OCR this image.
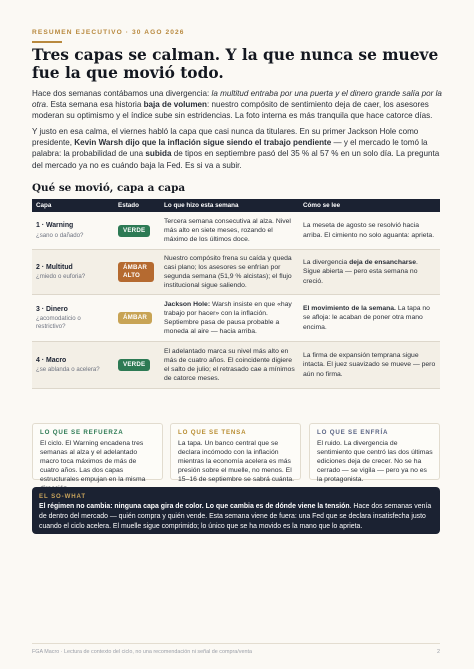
RESUMEN EJECUTIVO · 30 AGO 2026
Tres capas se calman. Y la que nunca se mueve fue la que movió todo.

Hace dos semanas contábamos una divergencia: la multitud entraba por una puerta y el dinero grande salía por la otra. Esta semana esa historia baja de volumen: nuestro compósito de sentimiento deja de caer, los asesores moderan su optimismo y el índice sube sin estridencias. La foto interna es más tranquila que hace catorce días.

Y justo en esa calma, el viernes habló la capa que casi nunca da titulares. En su primer Jackson Hole como presidente, Kevin Warsh dijo que la inflación sigue siendo el trabajo pendiente — y el mercado le tomó la palabra: la probabilidad de una subida de tipos en septiembre pasó del 35 % al 57 % en un solo día. La pregunta del mercado ya no es cuándo baja la Fed. Es si va a subir.

Qué se movió, capa a capa
Capa	Estado	Lo que hizo esta semana	Cómo se lee

1 · Warning
¿sano o dañado?	VERDE	Tercera semana consecutiva al alza. Nivel más alto en siete meses, rozando el máximo de los últimos doce.	La meseta de agosto se resolvió hacia arriba. El cimiento no solo aguanta: aprieta.

2 · Multitud
¿miedo o euforia?	ÁMBAR ALTO	Nuestro compósito frena su caída y queda casi plano; los asesores se enfrían por segunda semana (51,9 % alcistas); el flujo institucional sigue saliendo.	La divergencia deja de ensancharse. Sigue abierta — pero esta semana no creció.

3 · Dinero
¿acomodaticio o restrictivo?	ÁMBAR	Jackson Hole: Warsh insiste en que «hay trabajo por hacer» con la inflación. Septiembre pasa de pausa probable a moneda al aire — hacia arriba.	El movimiento de la semana. La tapa no se afloja: le acaban de poner otra mano encima.

4 · Macro
¿se ablanda o acelera?	VERDE	El adelantado marca su nivel más alto en más de cuatro años. El coincidente digiere el salto de julio; el retrasado cae a mínimos de catorce meses.	La firma de expansión temprana sigue intacta. El juez suavizado se mueve — pero aún no firma.
LO QUE SE REFUERZA
El ciclo. El Warning encadena tres semanas al alza y el adelantado macro toca máximos de más de cuatro años. Las dos capas estructurales empujan en la misma
LO QUE SE TENSA
La tapa. Un banco central que se declara incómodo con la inflación mientras la economía acelera es más presión sobre el muelle, no menos. El 15–16 de septiembre se sabrá cuánta.
LO QUE SE ENFRÍA
El ruido. La divergencia de sentimiento que centró las dos últimas ediciones deja de crecer. No se ha cerrado — se vigila — pero ya no es la protagonista.
EL SO-WHAT
El régimen no cambia: ninguna capa gira de color. Lo que cambia es de dónde viene la tensión. Hace dos semanas venía de dentro del mercado — quién compra y quién vende. Esta semana viene de fuera: una Fed que se declara insatisfecha justo cuando el ciclo acelera. El muelle sigue comprimido; lo único que se ha movido es la mano que lo aprieta.
FGA Macro · Lectura de contexto del ciclo, no una recomendación ni señal de compra/venta	2
